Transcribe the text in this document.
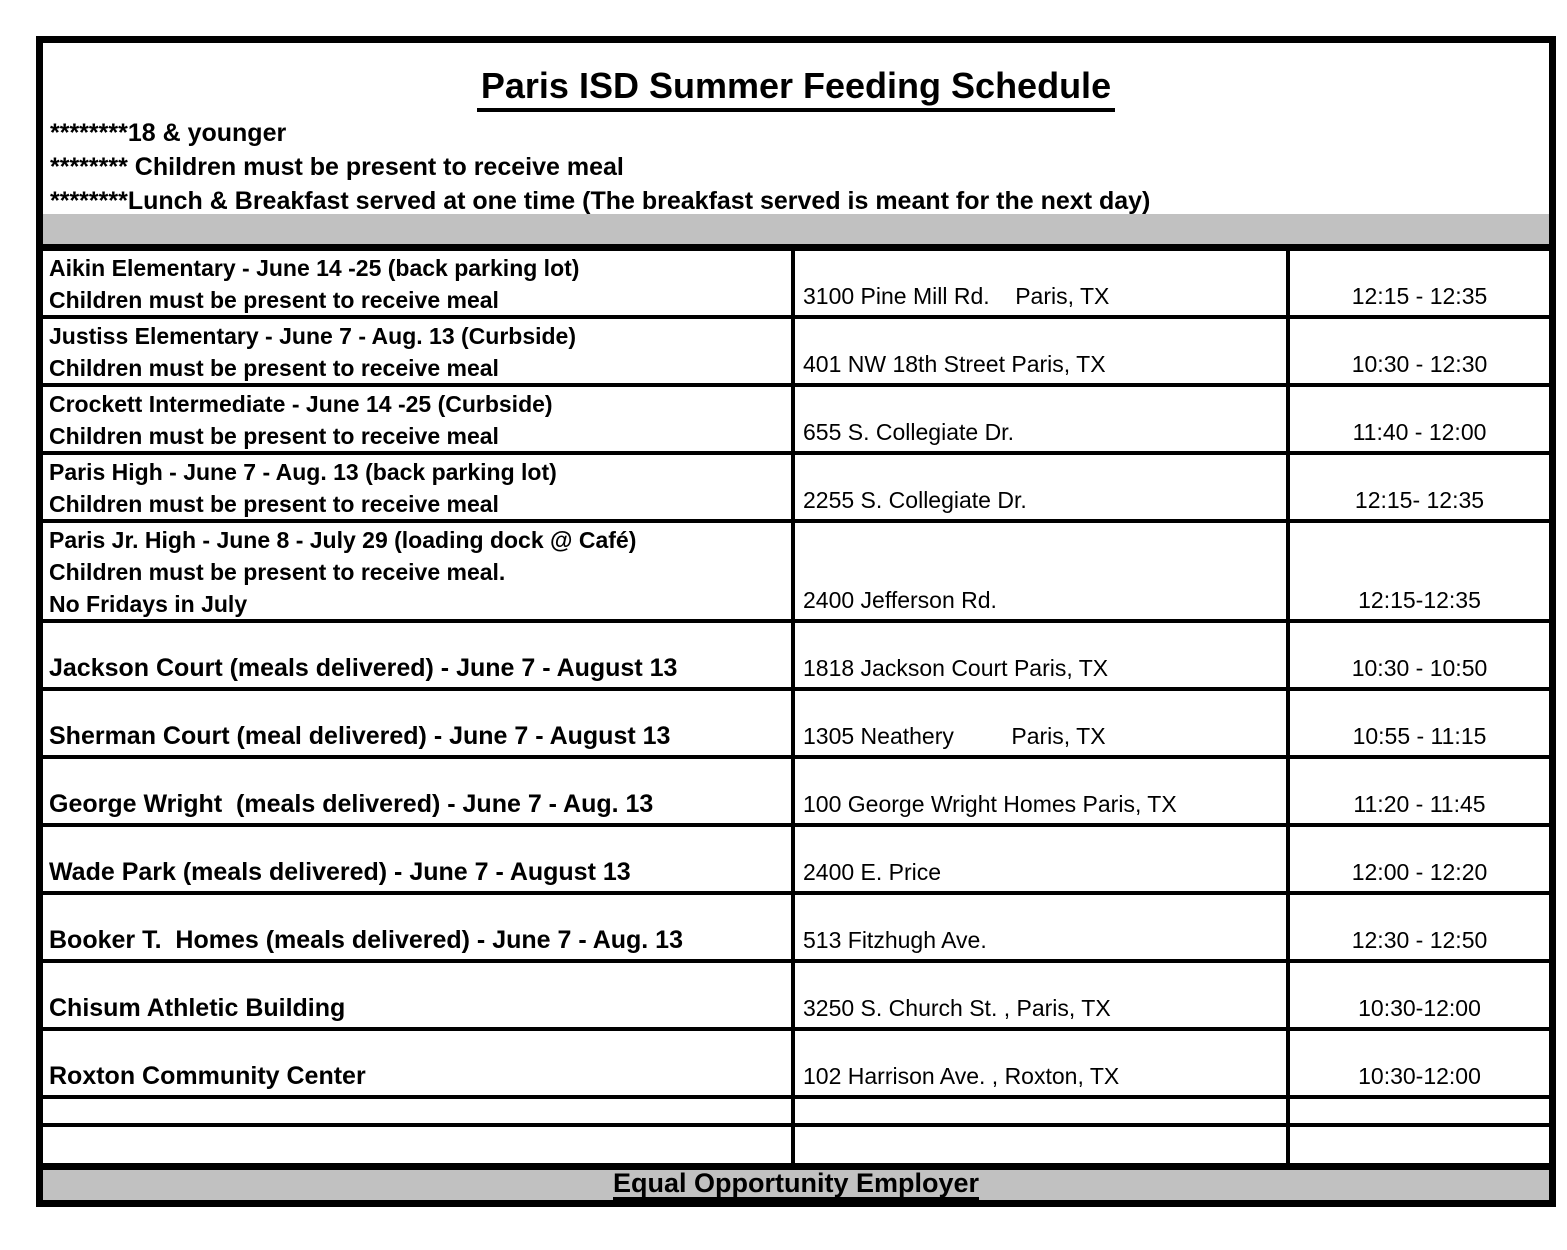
Paris ISD Summer Feeding Schedule
********18 & younger
******** Children must be present to receive meal
********Lunch & Breakfast served at one time (The breakfast served is meant for the next day)
Aikin Elementary - June 14 -25 (back parking lot)
Children must be present to receive meal	3100 Pine Mill Rd.    Paris, TX	12:15 - 12:35
Justiss Elementary - June 7 - Aug. 13 (Curbside)
Children must be present to receive meal	401 NW 18th Street Paris, TX	10:30 - 12:30
Crockett Intermediate - June 14 -25 (Curbside)
Children must be present to receive meal	655 S. Collegiate Dr.	11:40 - 12:00
Paris High - June 7 - Aug. 13 (back parking lot)
Children must be present to receive meal	2255 S. Collegiate Dr.	12:15- 12:35
Paris Jr. High - June 8 - July 29 (loading dock @ Café)
Children must be present to receive meal.
No Fridays in July	2400 Jefferson Rd.	12:15-12:35
Jackson Court (meals delivered) - June 7 - August 13	1818 Jackson Court Paris, TX	10:30 - 10:50
Sherman Court (meal delivered) - June 7 - August 13	1305 Neathery         Paris, TX	10:55 - 11:15
George Wright  (meals delivered) - June 7 - Aug. 13	100 George Wright Homes Paris, TX	11:20 - 11:45
Wade Park (meals delivered) - June 7 - August 13	2400 E. Price	12:00 - 12:20
Booker T.  Homes (meals delivered) - June 7 - Aug. 13	513 Fitzhugh Ave.	12:30 - 12:50
Chisum Athletic Building	3250 S. Church St. , Paris, TX	10:30-12:00
Roxton Community Center	102 Harrison Ave. , Roxton, TX	10:30-12:00
Equal Opportunity Employer
